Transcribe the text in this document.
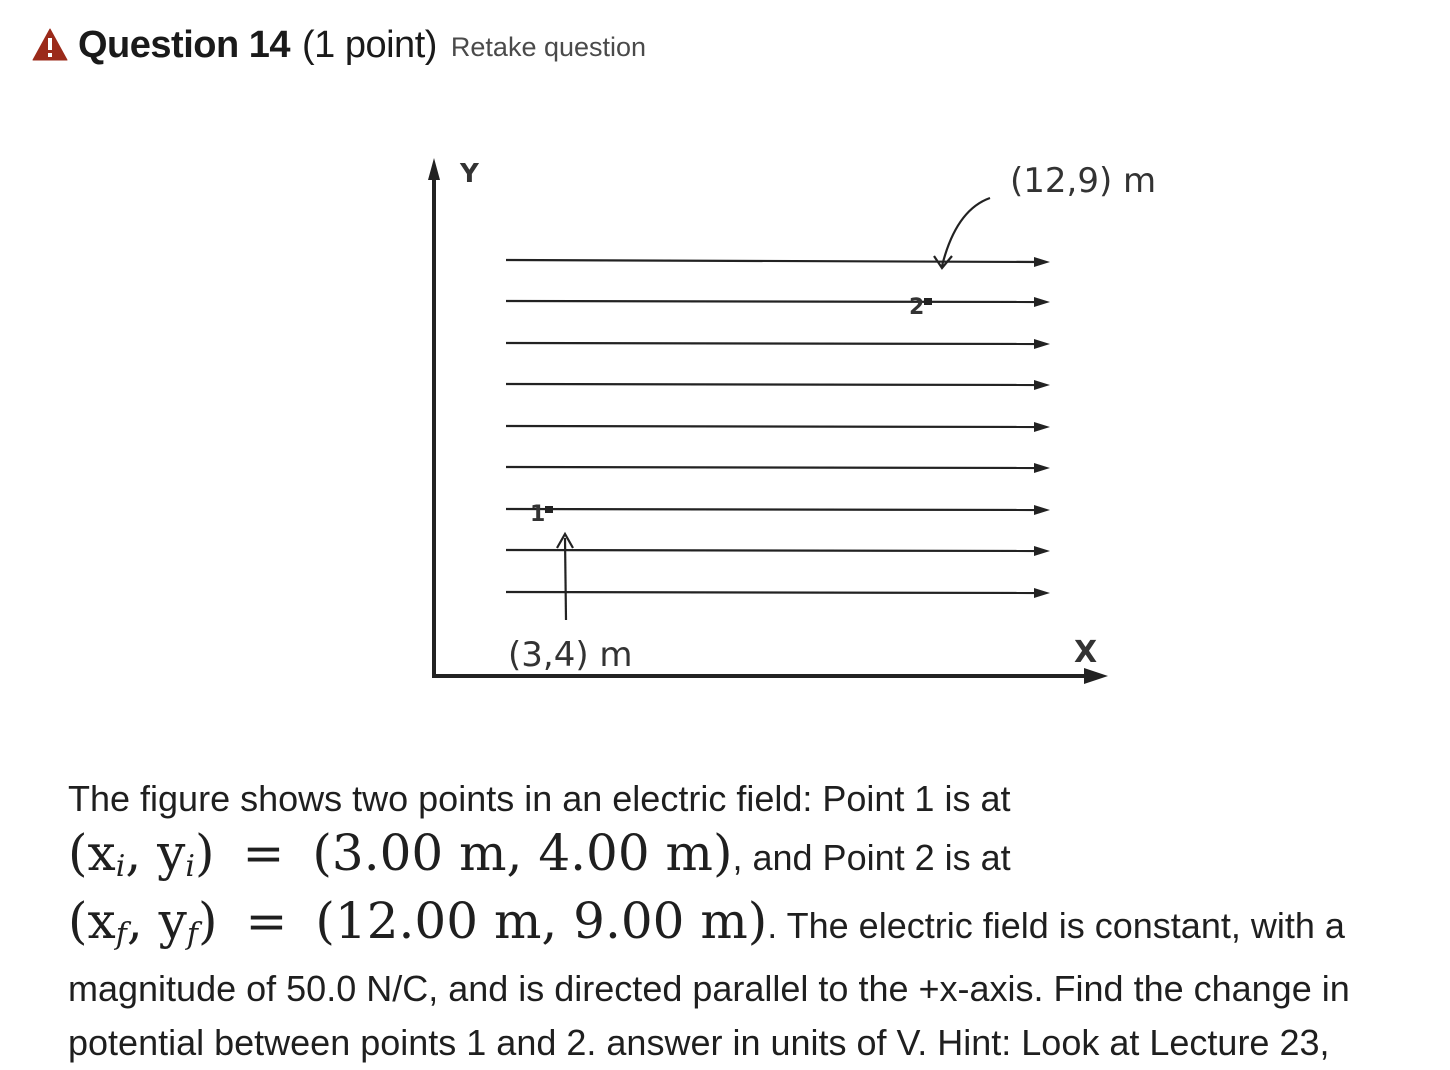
Question 14 (1 point) Retake question
Y
X
1
(3,4) m
2
(12,9) m

The figure shows two points in an electric field: Point 1 is at

($x_i$, $y_i) = (3.00$ m, 4.00 m), and Point 2 is at

($x_f$, $y_f) = (12.00$ m, 9.00 m). The electric field is constant, with a

magnitude of 50.0 N/C, and is directed parallel to the +x-axis. Find the change in

potential between points 1 and 2. answer in units of V. Hint: Look at Lecture 23,
